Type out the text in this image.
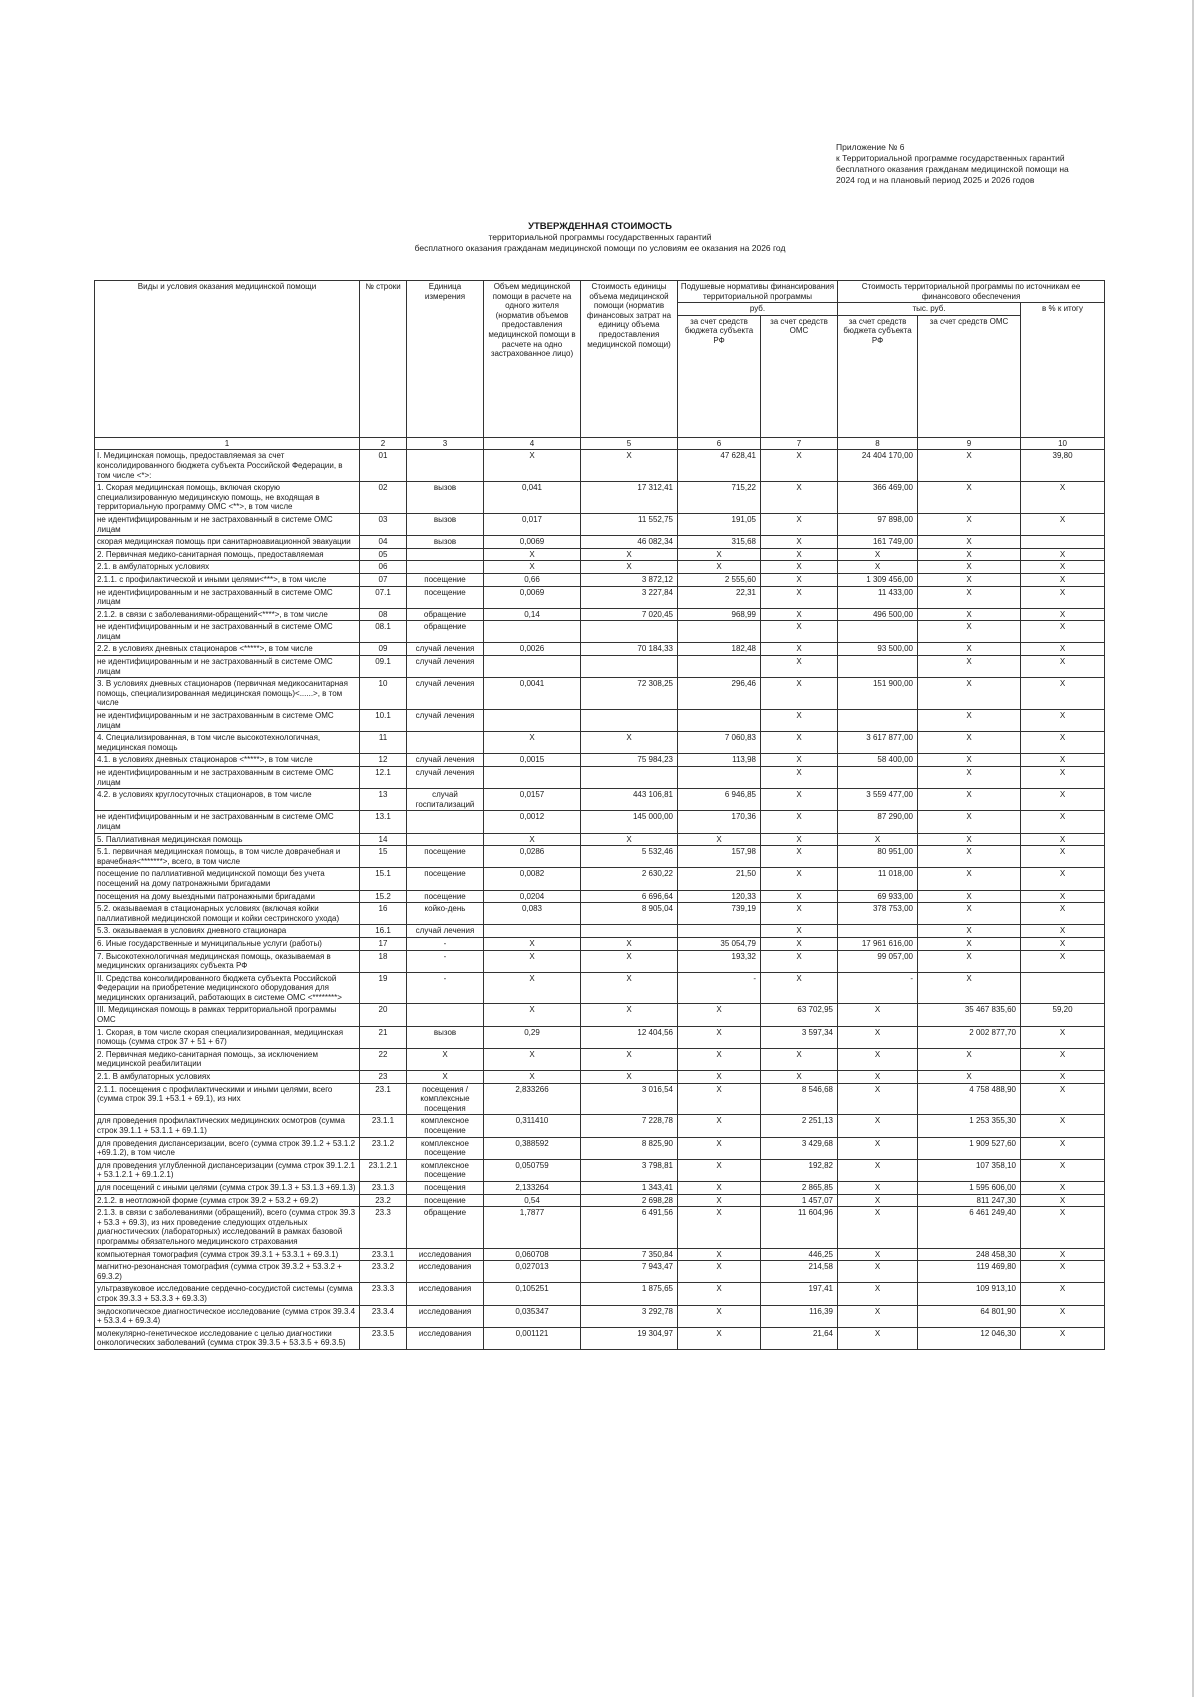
Приложение № 6
к Территориальной программе государственных гарантий
бесплатного оказания гражданам медицинской помощи на
2024 год и на плановый период 2025 и 2026 годов
УТВЕРЖДЕННАЯ СТОИМОСТЬ
территориальной программы государственных гарантий
бесплатного оказания гражданам медицинской помощи по условиям ее оказания на 2026 год
Виды и условия оказания медицинской помощи	№ строки	Единица измерения	Объем медицинской помощи в расчете на одного жителя (норматив объемов предоставления медицинской помощи в расчете на одно застрахованное лицо)	Стоимость единицы объема медицинской помощи (норматив финансовых затрат на единицу объема предоставления медицинской помощи)	Подушевые нормативы финансирования территориальной программы		Стоимость территориальной программы по источникам ее финансового обеспечения		
					руб.		тыс. руб.		в % к итогу
					за счет средств бюджета субъекта РФ	за счет средств ОМС	за счет средств бюджета субъекта РФ	за счет средств ОМС	
1	2	3	4	5	6	7	8	9	10
I. Медицинская помощь, предоставляемая за счет консолидированного бюджета субъекта Российской Федерации, в том числе <*>:	01		X	X	47 628,41	X	24 404 170,00	X	39,80
1. Скорая медицинская помощь, включая скорую специализированную медицинскую помощь, не входящая в территориальную программу ОМС <**>, в том числе	02	вызов	0,041	17 312,41	715,22	X	366 469,00	X	X
не идентифицированным и не застрахованный в системе ОМС лицам	03	вызов	0,017	11 552,75	191,05	X	97 898,00	X	X
скорая медицинская помощь при санитарноавиационной эвакуации	04	вызов	0,0069	46 082,34	315,68	X	161 749,00	X	
2. Первичная медико-санитарная помощь, предоставляемая	05		X	X	X	X	X	X	X
2.1. в амбулаторных условиях	06		X	X	X	X	X	X	X
2.1.1. с профилактической и иными целями<***>, в том числе	07	посещение	0,66	3 872,12	2 555,60	X	1 309 456,00	X	X
не идентифицированным и не застрахованный в системе ОМС лицам	07.1	посещение	0,0069	3 227,84	22,31	X	11 433,00	X	X
2.1.2. в связи с заболеваниями-обращений<****>, в том числе	08	обращение	0,14	7 020,45	968,99	X	496 500,00	X	X
не идентифицированным и не застрахованный в системе ОМС лицам	08.1	обращение				X		X	X
2.2. в условиях дневных стационаров <*****>, в том числе	09	случай лечения	0,0026	70 184,33	182,48	X	93 500,00	X	X
не идентифицированным и не застрахованный в системе ОМС лицам	09.1	случай лечения				X		X	X
3. В условиях дневных стационаров (первичная медикосанитарная помощь, специализированная медицинская помощь)<......>, в том числе	10	случай лечения	0,0041	72 308,25	296,46	X	151 900,00	X	X
не идентифицированным и не застрахованным в системе ОМС лицам	10.1	случай лечения				X		X	X
4. Специализированная, в том числе высокотехнологичная, медицинская помощь	11		X	X	7 060,83	X	3 617 877,00	X	X
4.1. в условиях дневных стационаров <*****>, в том числе	12	случай лечения	0,0015	75 984,23	113,98	X	58 400,00	X	X
не идентифицированным и не застрахованным в системе ОМС лицам	12.1	случай лечения				X		X	X
4.2. в условиях круглосуточных стационаров, в том числе	13	случай госпитализаций	0,0157	443 106,81	6 946,85	X	3 559 477,00	X	X
не идентифицированным и не застрахованным в системе ОМС лицам	13.1		0,0012	145 000,00	170,36	X	87 290,00	X	X
5. Паллиативная медицинская помощь	14		X	X	X	X	X	X	X
5.1. первичная медицинская помощь, в том числе доврачебная и врачебная<*******>, всего, в том числе	15	посещение	0,0286	5 532,46	157,98	X	80 951,00	X	X
посещение по паллиативной медицинской помощи без учета посещений на дому патронажными бригадами	15.1	посещение	0,0082	2 630,22	21,50	X	11 018,00	X	X
посещения на дому выездными патронажными бригадами	15.2	посещение	0,0204	6 696,64	120,33	X	69 933,00	X	X
5.2. оказываемая в стационарных условиях (включая койки паллиативной медицинской помощи и койки сестринского ухода)	16	койко-день	0,083	8 905,04	739,19	X	378 753,00	X	X
5.3. оказываемая в условиях дневного стационара	16.1	случай лечения				X		X	X
6. Иные государственные и муниципальные услуги (работы)	17	-	X	X	35 054,79	X	17 961 616,00	X	X
7. Высокотехнологичная медицинская помощь, оказываемая в медицинских организациях субъекта РФ	18	-	X	X	193,32	X	99 057,00	X	X
II. Средства консолидированного бюджета субъекта Российской Федерации на приобретение медицинского оборудования для медицинских организаций, работающих в системе ОМС <********>	19	-	X	X	-	X	-	X	
III. Медицинская помощь в рамках территориальной программы ОМС	20		X	X	X	63 702,95	X	35 467 835,60	59,20
1. Скорая, в том числе скорая специализированная, медицинская помощь (сумма строк 37 + 51 + 67)	21	вызов	0,29	12 404,56	X	3 597,34	X	2 002 877,70	X
2. Первичная медико-санитарная помощь, за исключением медицинской реабилитации	22	X	X	X	X	X	X	X	X
2.1. В амбулаторных условиях	23	X	X	X	X	X	X	X	X
2.1.1. посещения с профилактическими и иными целями, всего (сумма строк 39.1 +53.1 + 69.1), из них	23.1	посещения / комплексные посещения	2,833266	3 016,54	X	8 546,68	X	4 758 488,90	X
для проведения профилактических медицинских осмотров (сумма строк 39.1.1 + 53.1.1 + 69.1.1)	23.1.1	комплексное посещение	0,311410	7 228,78	X	2 251,13	X	1 253 355,30	X
для проведения диспансеризации, всего (сумма строк 39.1.2 + 53.1.2 +69.1.2), в том числе	23.1.2	комплексное посещение	0,388592	8 825,90	X	3 429,68	X	1 909 527,60	X
для проведения углубленной диспансеризации (сумма строк 39.1.2.1 + 53.1.2.1 + 69.1.2.1)	23.1.2.1	комплексное посещение	0,050759	3 798,81	X	192,82	X	107 358,10	X
для посещений с иными целями (сумма строк 39.1.3 + 53.1.3 +69.1.3)	23.1.3	посещения	2,133264	1 343,41	X	2 865,85	X	1 595 606,00	X
2.1.2. в неотложной форме (сумма строк 39.2 + 53.2 + 69.2)	23.2	посещение	0,54	2 698,28	X	1 457,07	X	811 247,30	X
2.1.3. в связи с заболеваниями (обращений), всего (сумма строк 39.3 + 53.3 + 69.3), из них проведение следующих отдельных диагностических (лабораторных) исследований в рамках базовой программы обязательного медицинского страхования	23.3	обращение	1,7877	6 491,56	X	11 604,96	X	6 461 249,40	X
компьютерная томография (сумма строк 39.3.1 + 53.3.1 + 69.3.1)	23.3.1	исследования	0,060708	7 350,84	X	446,25	X	248 458,30	X
магнитно-резонансная томография (сумма строк 39.3.2 + 53.3.2 + 69.3.2)	23.3.2	исследования	0,027013	7 943,47	X	214,58	X	119 469,80	X
ультразвуковое исследование сердечно-сосудистой системы (сумма строк 39.3.3 + 53.3.3 + 69.3.3)	23.3.3	исследования	0,105251	1 875,65	X	197,41	X	109 913,10	X
эндоскопическое диагностическое исследование (сумма строк 39.3.4 + 53.3.4 + 69.3.4)	23.3.4	исследования	0,035347	3 292,78	X	116,39	X	64 801,90	X
молекулярно-генетическое исследование с целью диагностики онкологических заболеваний (сумма строк 39.3.5 + 53.3.5 + 69.3.5)	23.3.5	исследования	0,001121	19 304,97	X	21,64	X	12 046,30	X
